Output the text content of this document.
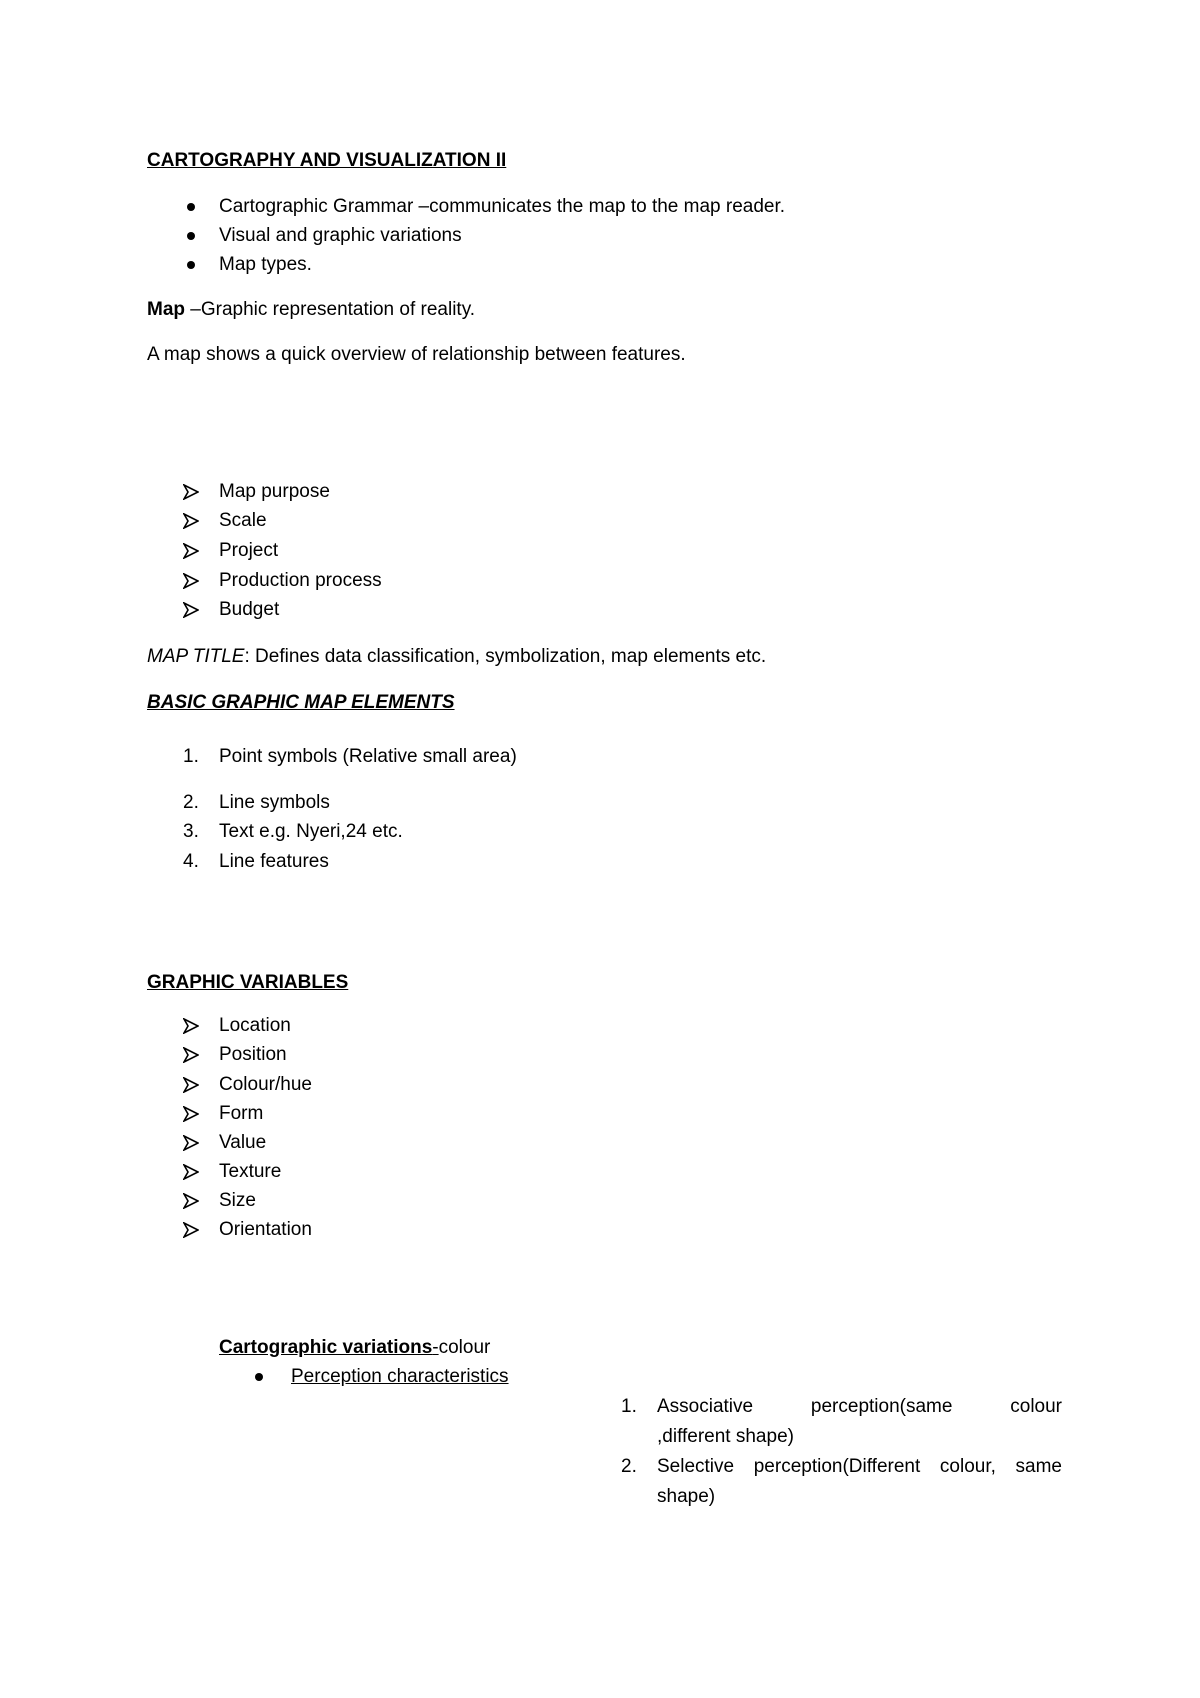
CARTOGRAPHY AND VISUALIZATION II
Cartographic Grammar –communicates the map to the map reader.
Visual and graphic variations
Map types.
Map –Graphic representation of reality.
A map shows a quick overview of relationship between features.
Map purpose
Scale
Project
Production process
Budget
MAP TITLE: Defines data classification, symbolization, map elements etc.
BASIC GRAPHIC MAP ELEMENTS
1. Point symbols (Relative small area)
2. Line symbols
3. Text e.g. Nyeri,24 etc.
4. Line features
GRAPHIC VARIABLES
Location
Position
Colour/hue
Form
Value
Texture
Size
Orientation
Cartographic variations-colour
Perception characteristics
1. Associative perception(same colour
,different shape)
2. Selective perception(Different colour, same
shape)
